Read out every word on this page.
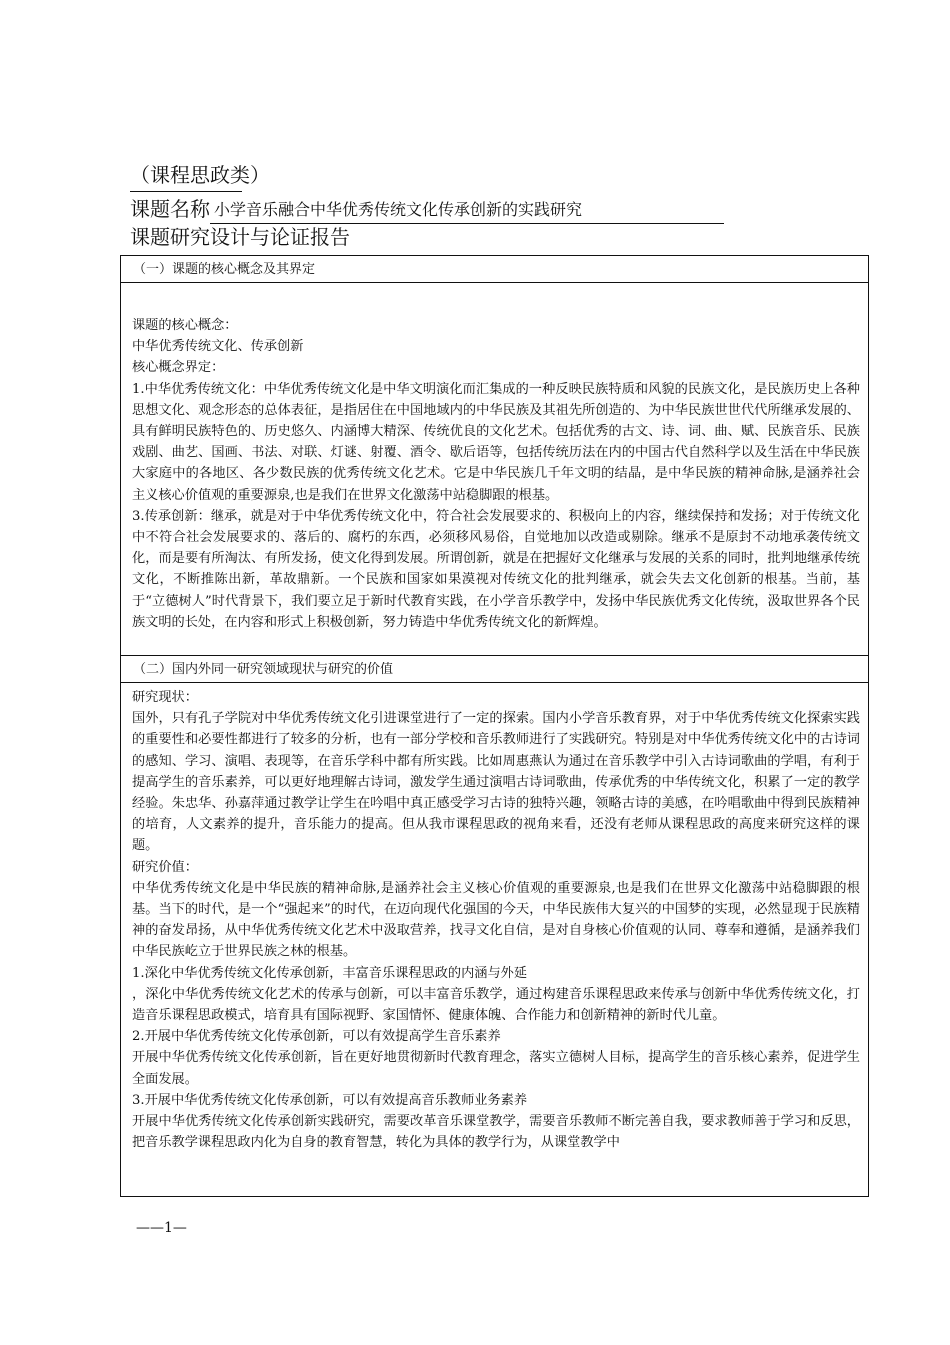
（课程思政类）

课题名称 小学音乐融合中华优秀传统文化传承创新的实践研究
课题研究设计与论证报告
（一）课题的核心概念及其界定

课题的核心概念：

中华优秀传统文化、传承创新

核心概念界定：

1.中华优秀传统文化：中华优秀传统文化是中华文明演化而汇集成的一种反映民族特质和风貌的民族文化，是民族历史上各种思想文化、观念形态的总体表征，是指居住在中国地域内的中华民族及其祖先所创造的、为中华民族世世代代所继承发展的、具有鲜明民族特色的、历史悠久、内涵博大精深、传统优良的文化艺术。包括优秀的古文、诗、词、曲、赋、民族音乐、民族戏剧、曲艺、国画、书法、对联、灯谜、射覆、酒令、歇后语等，包括传统历法在内的中国古代自然科学以及生活在中华民族大家庭中的各地区、各少数民族的优秀传统文化艺术。它是中华民族几千年文明的结晶，是中华民族的精神命脉,是涵养社会主义核心价值观的重要源泉,也是我们在世界文化激荡中站稳脚跟的根基。

3.传承创新：继承，就是对于中华优秀传统文化中，符合社会发展要求的、积极向上的内容，继续保持和发扬；对于传统文化中不符合社会发展要求的、落后的、腐朽的东西，必须移风易俗，自觉地加以改造或剔除。继承不是原封不动地承袭传统文化，而是要有所淘汰、有所发扬，使文化得到发展。所谓创新，就是在把握好文化继承与发展的关系的同时，批判地继承传统文化，不断推陈出新，革故鼎新。一个民族和国家如果漠视对传统文化的批判继承，就会失去文化创新的根基。当前，基于“立德树人”时代背景下，我们要立足于新时代教育实践，在小学音乐教学中，发扬中华民族优秀文化传统，汲取世界各个民族文明的长处，在内容和形式上积极创新，努力铸造中华优秀传统文化的新辉煌。

（二）国内外同一研究领域现状与研究的价值

研究现状：

国外，只有孔子学院对中华优秀传统文化引进课堂进行了一定的探索。国内小学音乐教育界，对于中华优秀传统文化探索实践的重要性和必要性都进行了较多的分析，也有一部分学校和音乐教师进行了实践研究。特别是对中华优秀传统文化中的古诗词的感知、学习、演唱、表现等，在音乐学科中都有所实践。比如周惠燕认为通过在音乐教学中引入古诗词歌曲的学唱，有利于提高学生的音乐素养，可以更好地理解古诗词，激发学生通过演唱古诗词歌曲，传承优秀的中华传统文化，积累了一定的教学经验。朱忠华、孙嘉萍通过教学让学生在吟唱中真正感受学习古诗的独特兴趣，领略古诗的美感，在吟唱歌曲中得到民族精神的培育，人文素养的提升，音乐能力的提高。但从我市课程思政的视角来看，还没有老师从课程思政的高度来研究这样的课题。

研究价值：

中华优秀传统文化是中华民族的精神命脉,是涵养社会主义核心价值观的重要源泉,也是我们在世界文化激荡中站稳脚跟的根基。当下的时代，是一个“强起来”的时代，在迈向现代化强国的今天，中华民族伟大复兴的中国梦的实现，必然显现于民族精神的奋发昂扬，从中华优秀传统文化艺术中汲取营养，找寻文化自信，是对自身核心价值观的认同、尊奉和遵循，是涵养我们中华民族屹立于世界民族之林的根基。

1.深化中华优秀传统文化传承创新，丰富音乐课程思政的内涵与外延

，深化中华优秀传统文化艺术的传承与创新，可以丰富音乐教学，通过构建音乐课程思政来传承与创新中华优秀传统文化，打造音乐课程思政模式，培育具有国际视野、家国情怀、健康体魄、合作能力和创新精神的新时代儿童。

2.开展中华优秀传统文化传承创新，可以有效提高学生音乐素养

开展中华优秀传统文化传承创新，旨在更好地贯彻新时代教育理念，落实立德树人目标，提高学生的音乐核心素养，促进学生全面发展。

3.开展中华优秀传统文化传承创新，可以有效提高音乐教师业务素养

开展中华优秀传统文化传承创新实践研究，需要改革音乐课堂教学，需要音乐教师不断完善自我，要求教师善于学习和反思，把音乐教学课程思政内化为自身的教育智慧，转化为具体的教学行为，从课堂教学中

——1—
